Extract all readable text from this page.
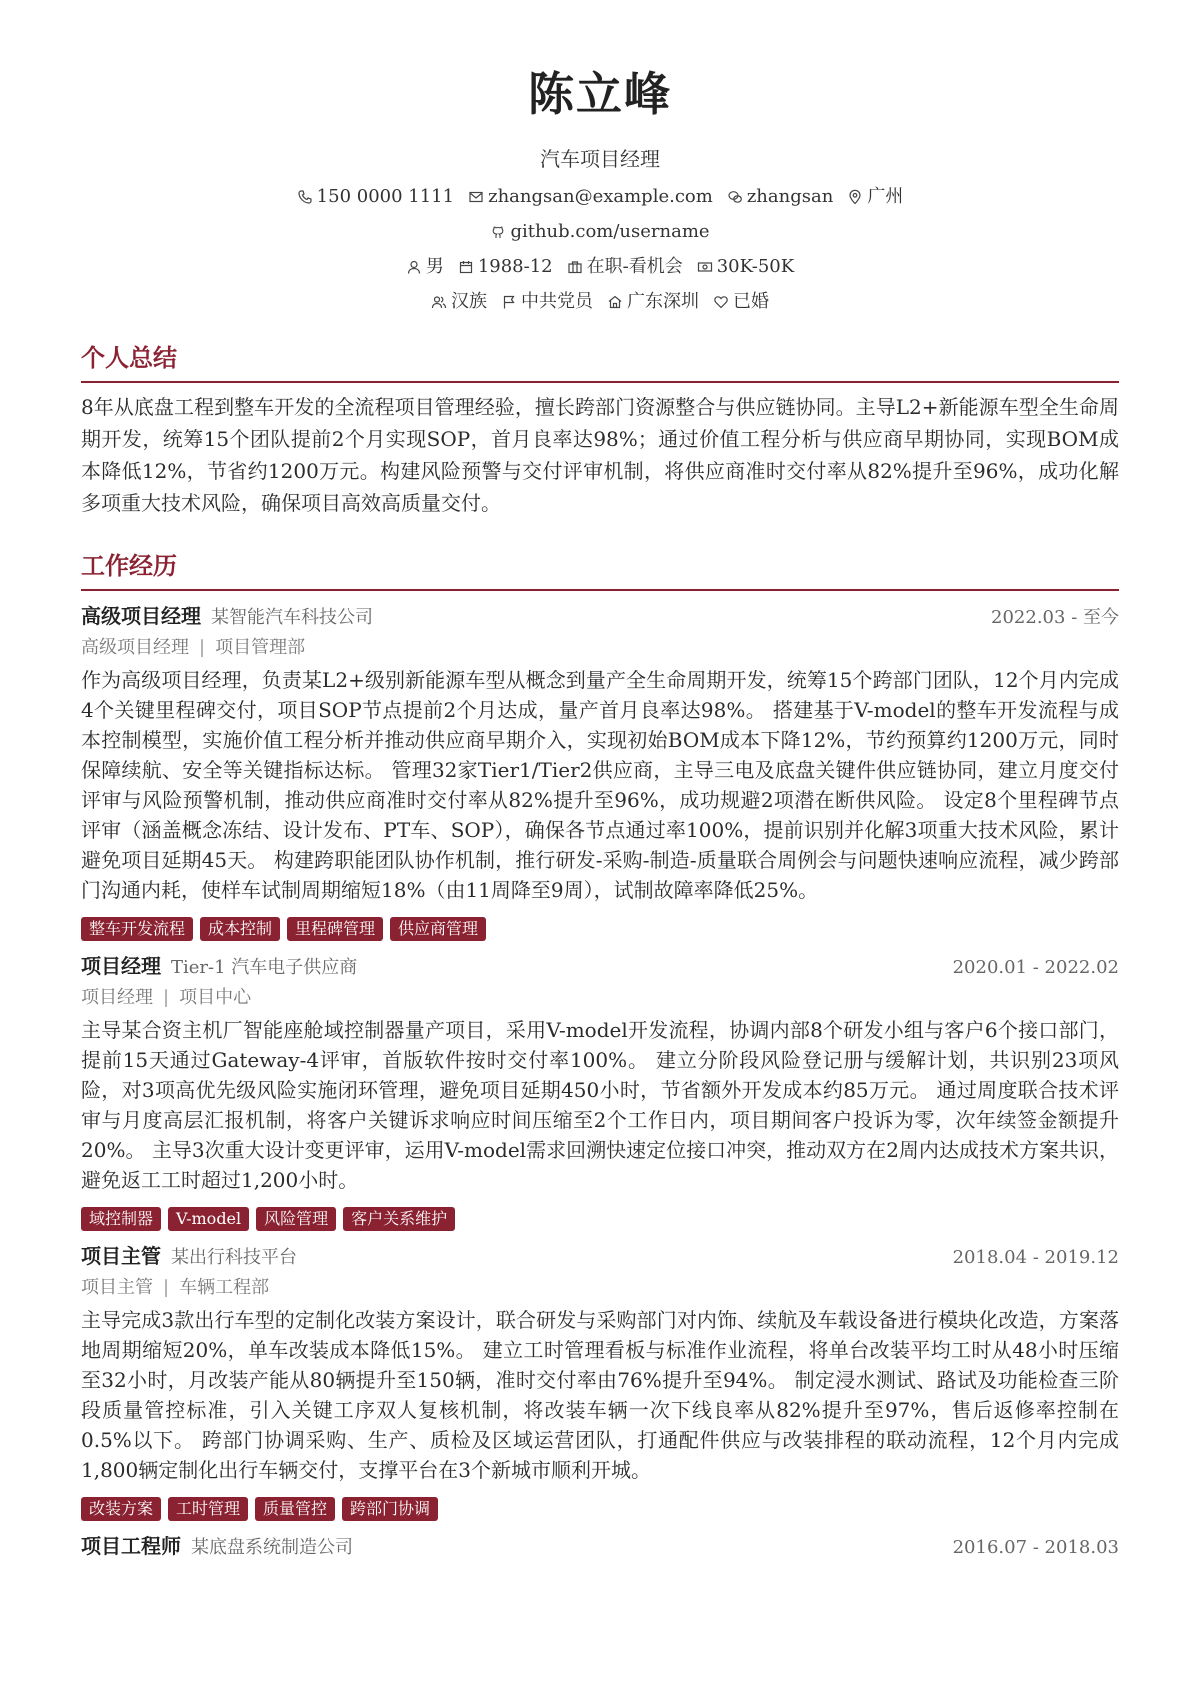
陈立峰
汽车项目经理
150 0000 1111 zhangsan@example.com zhangsan 广州
github.com/username
男 1988-12 在职-看机会 30K-50K
汉族 中共党员 广东深圳 已婚
个人总结
8年从底盘工程到整车开发的全流程项目管理经验，擅长跨部门资源整合与供应链协同。主导L2+新能源车型全生命周期开发，统筹15个团队提前2个月实现SOP，首月良率达98%；通过价值工程分析与供应商早期协同，实现BOM成本降低12%，节省约1200万元。构建风险预警与交付评审机制，将供应商准时交付率从82%提升至96%，成功化解多项重大技术风险，确保项目高效高质量交付。
工作经历
高级项目经理 某智能汽车科技公司	2022.03 - 至今
高级项目经理 | 项目管理部
作为高级项目经理，负责某L2+级别新能源车型从概念到量产全生命周期开发，统筹15个跨部门团队，12个月内完成4个关键里程碑交付，项目SOP节点提前2个月达成，量产首月良率达98%。 搭建基于V-model的整车开发流程与成本控制模型，实施价值工程分析并推动供应商早期介入，实现初始BOM成本下降12%，节约预算约1200万元，同时保障续航、安全等关键指标达标。 管理32家Tier1/Tier2供应商，主导三电及底盘关键件供应链协同，建立月度交付评审与风险预警机制，推动供应商准时交付率从82%提升至96%，成功规避2项潜在断供风险。 设定8个里程碑节点评审（涵盖概念冻结、设计发布、PT车、SOP），确保各节点通过率100%，提前识别并化解3项重大技术风险，累计避免项目延期45天。 构建跨职能团队协作机制，推行研发-采购-制造-质量联合周例会与问题快速响应流程，减少跨部门沟通内耗，使样车试制周期缩短18%（由11周降至9周），试制故障率降低25%。
整车开发流程	成本控制	里程碑管理	供应商管理
项目经理 Tier-1 汽车电子供应商	2020.01 - 2022.02
项目经理 | 项目中心
主导某合资主机厂智能座舱域控制器量产项目，采用V-model开发流程，协调内部8个研发小组与客户6个接口部门，提前15天通过Gateway-4评审，首版软件按时交付率100%。 建立分阶段风险登记册与缓解计划，共识别23项风险，对3项高优先级风险实施闭环管理，避免项目延期450小时，节省额外开发成本约85万元。 通过周度联合技术评审与月度高层汇报机制，将客户关键诉求响应时间压缩至2个工作日内，项目期间客户投诉为零，次年续签金额提升20%。 主导3次重大设计变更评审，运用V-model需求回溯快速定位接口冲突，推动双方在2周内达成技术方案共识，避免返工工时超过1,200小时。
域控制器	V-model	风险管理	客户关系维护
项目主管 某出行科技平台	2018.04 - 2019.12
项目主管 | 车辆工程部
主导完成3款出行车型的定制化改装方案设计，联合研发与采购部门对内饰、续航及车载设备进行模块化改造，方案落地周期缩短20%，单车改装成本降低15%。 建立工时管理看板与标准作业流程，将单台改装平均工时从48小时压缩至32小时，月改装产能从80辆提升至150辆，准时交付率由76%提升至94%。 制定浸水测试、路试及功能检查三阶段质量管控标准，引入关键工序双人复核机制，将改装车辆一次下线良率从82%提升至97%，售后返修率控制在0.5%以下。 跨部门协调采购、生产、质检及区域运营团队，打通配件供应与改装排程的联动流程，12个月内完成1,800辆定制化出行车辆交付，支撑平台在3个新城市顺利开城。
改装方案	工时管理	质量管控	跨部门协调
项目工程师 某底盘系统制造公司	2016.07 - 2018.03
